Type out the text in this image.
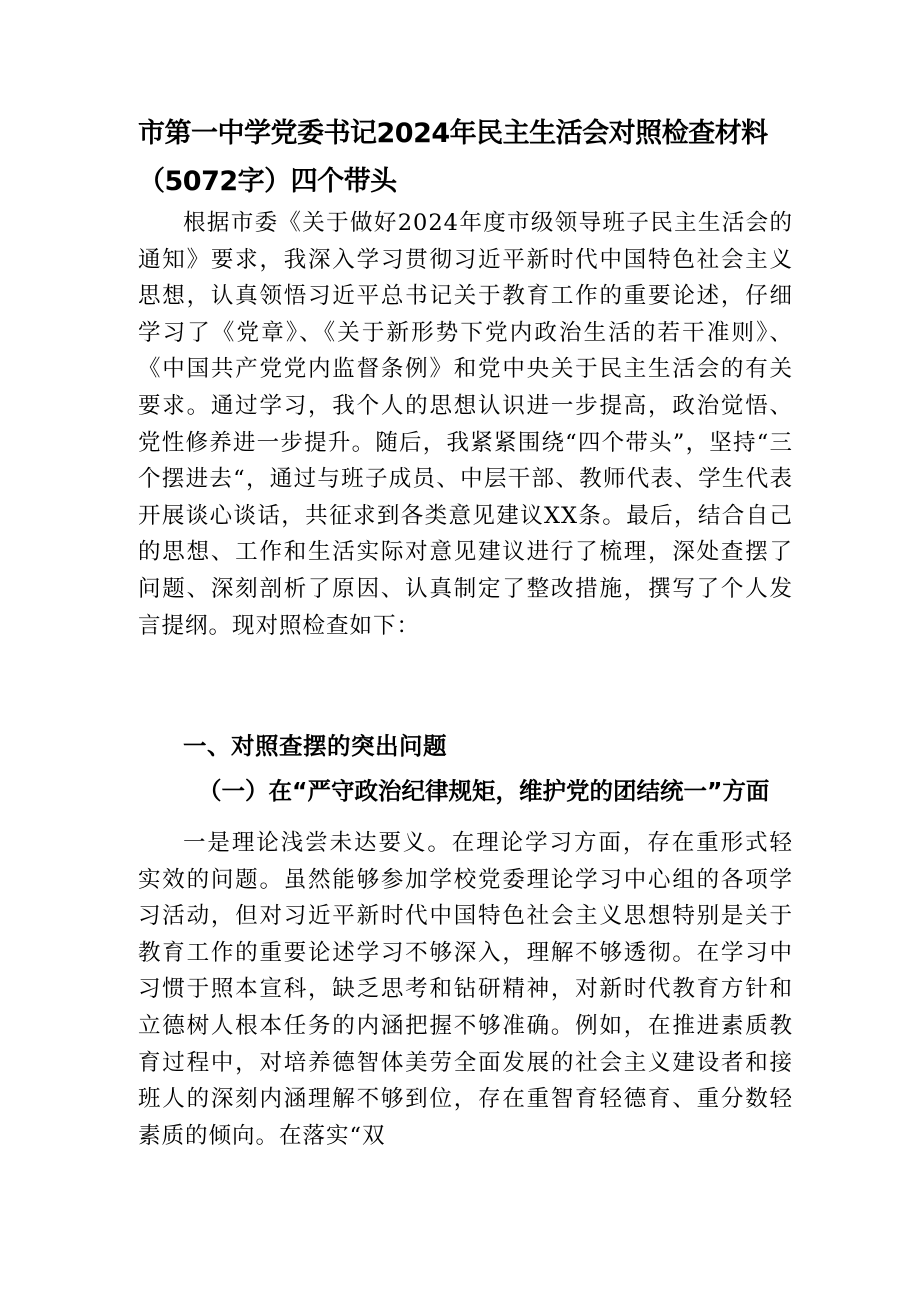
市第一中学党委书记2024年民主生活会对照检查材料（5072字）四个带头

根据市委《关于做好2024年度市级领导班子民主生活会的通知》要求，我深入学习贯彻习近平新时代中国特色社会主义思想，认真领悟习近平总书记关于教育工作的重要论述，仔细学习了《党章》、《关于新形势下党内政治生活的若干准则》、《中国共产党党内监督条例》和党中央关于民主生活会的有关要求。通过学习，我个人的思想认识进一步提高，政治觉悟、党性修养进一步提升。随后，我紧紧围绕“四个带头”，坚持“三个摆进去“，通过与班子成员、中层干部、教师代表、学生代表开展谈心谈话，共征求到各类意见建议XX条。最后，结合自己的思想、工作和生活实际对意见建议进行了梳理，深处查摆了问题、深刻剖析了原因、认真制定了整改措施，撰写了个人发言提纲。现对照检查如下：

一、对照查摆的突出问题
（一）在“严守政治纪律规矩，维护党的团结统一”方面

一是理论浅尝未达要义。在理论学习方面，存在重形式轻实效的问题。虽然能够参加学校党委理论学习中心组的各项学习活动，但对习近平新时代中国特色社会主义思想特别是关于教育工作的重要论述学习不够深入，理解不够透彻。在学习中习惯于照本宣科，缺乏思考和钻研精神，对新时代教育方针和立德树人根本任务的内涵把握不够准确。例如，在推进素质教育过程中，对培养德智体美劳全面发展的社会主义建设者和接班人的深刻内涵理解不够到位，存在重智育轻德育、重分数轻素质的倾向。在落实“双
